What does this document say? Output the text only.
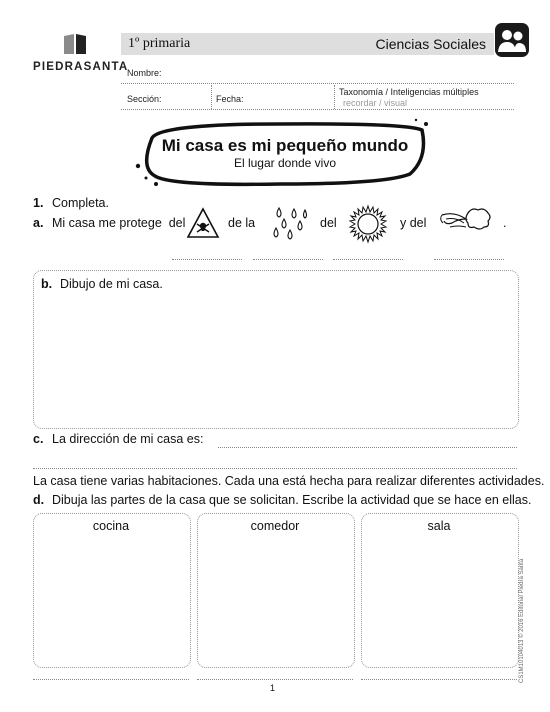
PIEDRASANTA
1º primaria	Ciencias Sociales
Nombre:
Sección:	Fecha:
Taxonomía / Inteligencias múltiples
recordar / visual
Mi casa es mi pequeño mundo
El lugar donde vivo
1. Completa.
a. Mi casa me protege  del	de la	del	y del	.
b. Dibujo de mi casa.
c. La dirección de mi casa es:
La casa tiene varias habitaciones. Cada una está hecha para realizar diferentes actividades.
d. Dibuja las partes de la casa que se solicitan. Escribe la actividad que se hace en ellas.
cocina	comedor	sala
1
CS1M10104013 © 2016 Editorial Piedra Santa
